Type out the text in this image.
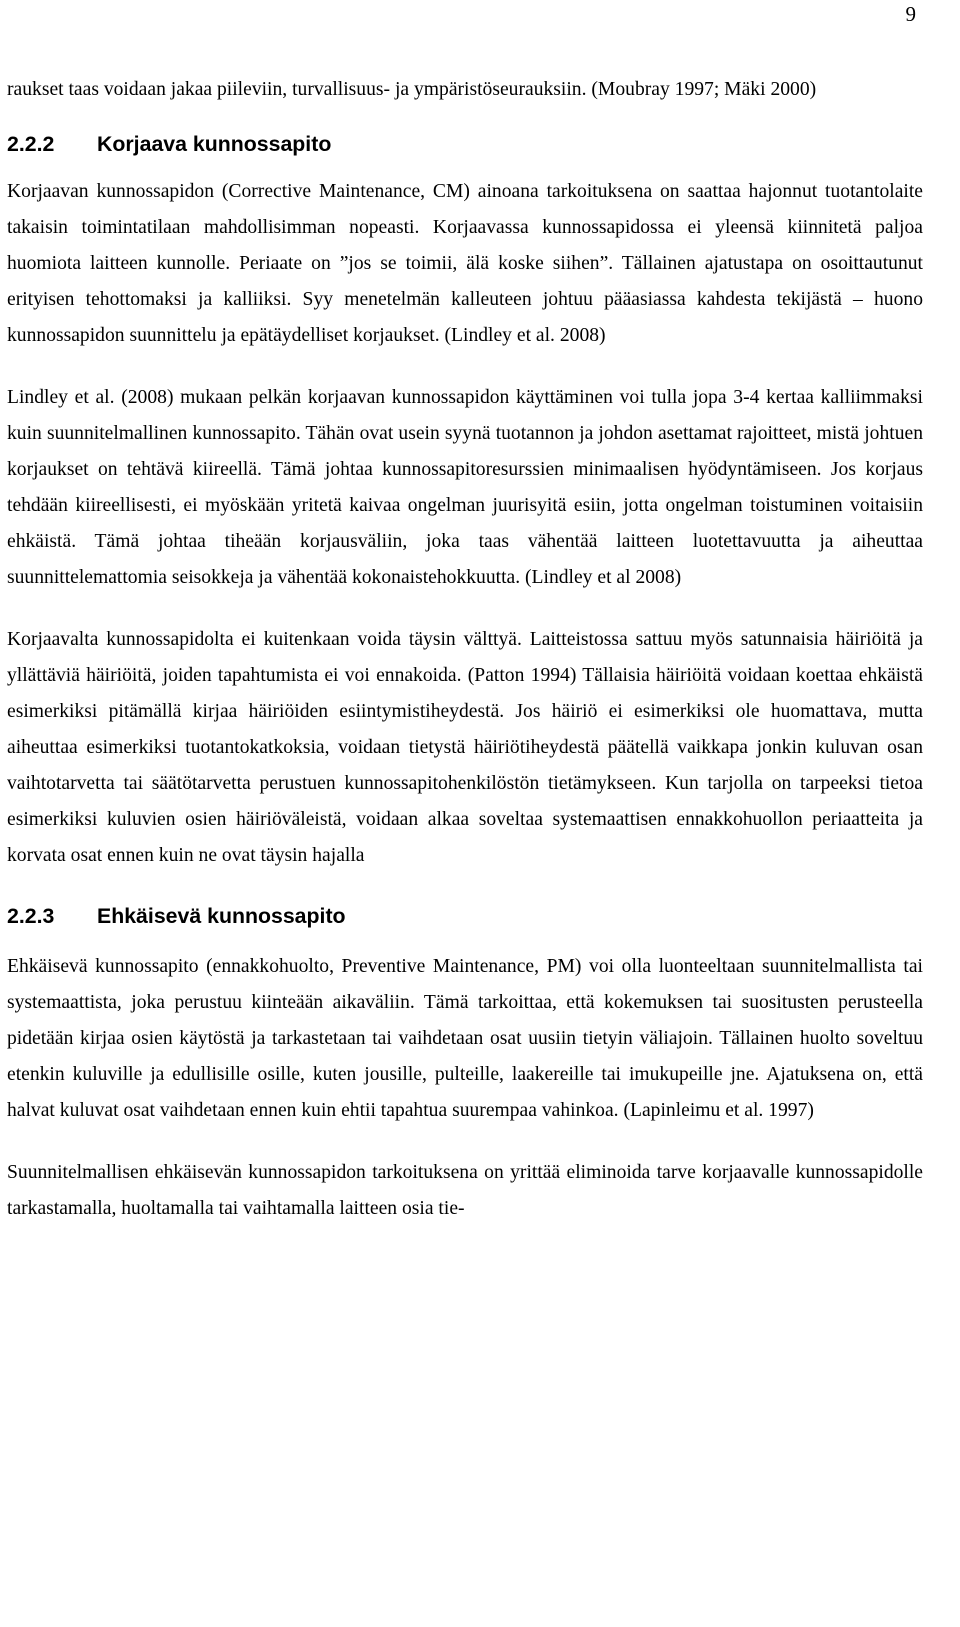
9

raukset taas voidaan jakaa piileviin, turvallisuus- ja ympäristöseurauksiin. (Moubray 1997; Mäki 2000)

2.2.2	Korjaava kunnossapito

Korjaavan kunnossapidon (Corrective Maintenance, CM) ainoana tarkoituksena on saattaa hajonnut tuotantolaite takaisin toimintatilaan mahdollisimman nopeasti. Korjaavassa kunnossapidossa ei yleensä kiinnitetä paljoa huomiota laitteen kunnolle. Periaate on ”jos se toimii, älä koske siihen”. Tällainen ajatustapa on osoittautunut erityisen tehottomaksi ja kalliiksi. Syy menetelmän kalleuteen johtuu pääasiassa kahdesta tekijästä – huono kunnossapidon suunnittelu ja epätäydelliset korjaukset. (Lindley et al. 2008)

Lindley et al. (2008) mukaan pelkän korjaavan kunnossapidon käyttäminen voi tulla jopa 3-4 kertaa kalliimmaksi kuin suunnitelmallinen kunnossapito. Tähän ovat usein syynä tuotannon ja johdon asettamat rajoitteet, mistä johtuen korjaukset on tehtävä kiireellä. Tämä johtaa kunnossapitoresurssien minimaalisen hyödyntämiseen. Jos korjaus tehdään kiireellisesti, ei myöskään yritetä kaivaa ongelman juurisyitä esiin, jotta ongelman toistuminen voitaisiin ehkäistä. Tämä johtaa tiheään korjausväliin, joka taas vähentää laitteen luotettavuutta ja aiheuttaa suunnittelemattomia seisokkeja ja vähentää kokonaistehokkuutta. (Lindley et al 2008)

Korjaavalta kunnossapidolta ei kuitenkaan voida täysin välttyä. Laitteistossa sattuu myös satunnaisia häiriöitä ja yllättäviä häiriöitä, joiden tapahtumista ei voi ennakoida. (Patton 1994) Tällaisia häiriöitä voidaan koettaa ehkäistä esimerkiksi pitämällä kirjaa häiriöiden esiintymistiheydestä. Jos häiriö ei esimerkiksi ole huomattava, mutta aiheuttaa esimerkiksi tuotantokatkoksia, voidaan tietystä häiriötiheydestä päätellä vaikkapa jonkin kuluvan osan vaihtotarvetta tai säätötarvetta perustuen kunnossapitohenkilöstön tietämykseen. Kun tarjolla on tarpeeksi tietoa esimerkiksi kuluvien osien häiriöväleistä, voidaan alkaa soveltaa systemaattisen ennakkohuollon periaatteita ja korvata osat ennen kuin ne ovat täysin hajalla

2.2.3	Ehkäisevä kunnossapito

Ehkäisevä kunnossapito (ennakkohuolto, Preventive Maintenance, PM) voi olla luonteeltaan suunnitelmallista tai systemaattista, joka perustuu kiinteään aikaväliin. Tämä tarkoittaa, että kokemuksen tai suositusten perusteella pidetään kirjaa osien käytöstä ja tarkastetaan tai vaihdetaan osat uusiin tietyin väliajoin. Tällainen huolto soveltuu etenkin kuluville ja edullisille osille, kuten jousille, pulteille, laakereille tai imukupeille jne. Ajatuksena on, että halvat kuluvat osat vaihdetaan ennen kuin ehtii tapahtua suurempaa vahinkoa. (Lapinleimu et al. 1997)

Suunnitelmallisen ehkäisevän kunnossapidon tarkoituksena on yrittää eliminoida tarve korjaavalle kunnossapidolle tarkastamalla, huoltamalla tai vaihtamalla laitteen osia tie-
